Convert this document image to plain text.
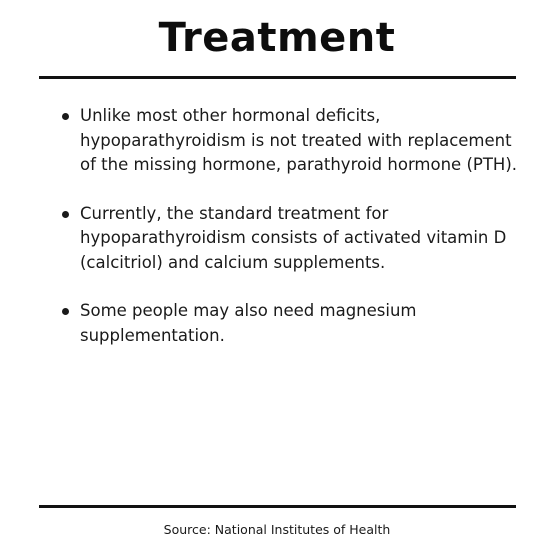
Treatment
Unlike most other hormonal deficits, hypoparathyroidism is not treated with replacement of the missing hormone, parathyroid hormone (PTH).
Currently, the standard treatment for hypoparathyroidism consists of activated vitamin D (calcitriol) and calcium supplements.
Some people may also need magnesium supplementation.
Source: National Institutes of Health
